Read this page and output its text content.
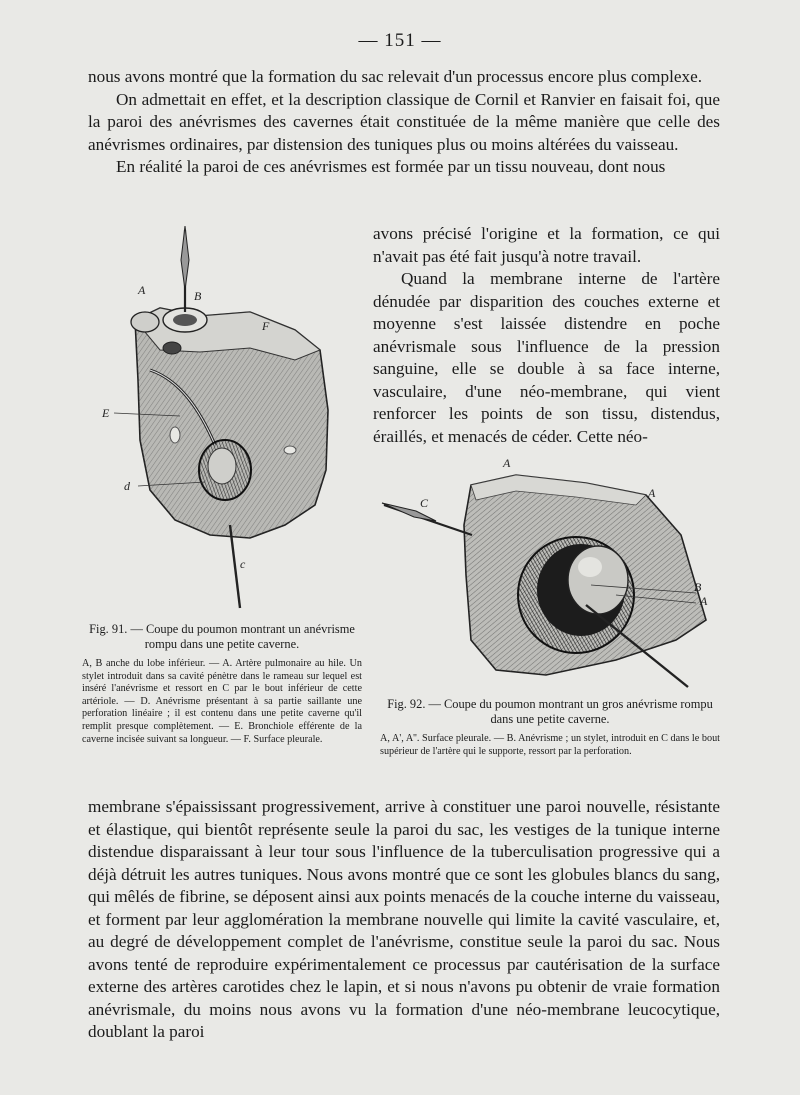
— 151 —

nous avons montré que la formation du sac relevait d'un processus encore plus complexe.

On admettait en effet, et la description classique de Cornil et Ranvier en faisait foi, que la paroi des anévrismes des cavernes était constituée de la même manière que celle des anévrismes ordinaires, par distension des tuniques plus ou moins altérées du vaisseau.

En réalité la paroi de ces anévrismes est formée par un tissu nouveau, dont nous

avons précisé l'origine et la formation, ce qui n'avait pas été fait jusqu'à notre travail.

Quand la membrane interne de l'artère dénudée par disparition des couches externe et moyenne s'est laissée distendre en poche anévrismale sous l'influence de la pression sanguine, elle se double à sa face interne, vasculaire, d'une néo-membrane, qui vient renforcer les points de son tissu, distendus, éraillés, et menacés de céder. Cette néo-

A	B
F
E
d
c

Fig. 91. — Coupe du poumon montrant un anévrisme rompu dans une petite caverne.

A, B anche du lobe inférieur. — A. Artère pulmonaire au hile. Un stylet introduit dans sa cavité pénètre dans le rameau sur lequel est inséré l'anévrisme et ressort en C par le bout inférieur de cette artériole. — D. Anévrisme présentant à sa partie saillante une perforation linéaire ; il est contenu dans une petite caverne qu'il remplit presque complètement. — E. Bronchiole efférente de la caverne incisée suivant sa longueur. — F. Surface pleurale.

A
A
C
B
A

Fig. 92. — Coupe du poumon montrant un gros anévrisme rompu dans une petite caverne.

A, A', A''. Surface pleurale. — B. Anévrisme ; un stylet, introduit en C dans le bout supérieur de l'artère qui le supporte, ressort par la perforation.

membrane s'épaississant progressivement, arrive à constituer une paroi nouvelle, résistante et élastique, qui bientôt représente seule la paroi du sac, les vestiges de la tunique interne distendue disparaissant à leur tour sous l'influence de la tuberculisation progressive qui a déjà détruit les autres tuniques. Nous avons montré que ce sont les globules blancs du sang, qui mêlés de fibrine, se déposent ainsi aux points menacés de la couche interne du vaisseau, et forment par leur agglomération la membrane nouvelle qui limite la cavité vasculaire, et, au degré de développement complet de l'anévrisme, constitue seule la paroi du sac. Nous avons tenté de reproduire expérimentalement ce processus par cautérisation de la surface externe des artères carotides chez le lapin, et si nous n'avons pu obtenir de vraie formation anévrismale, du moins nous avons vu la formation d'une néo-membrane leucocytique, doublant la paroi
